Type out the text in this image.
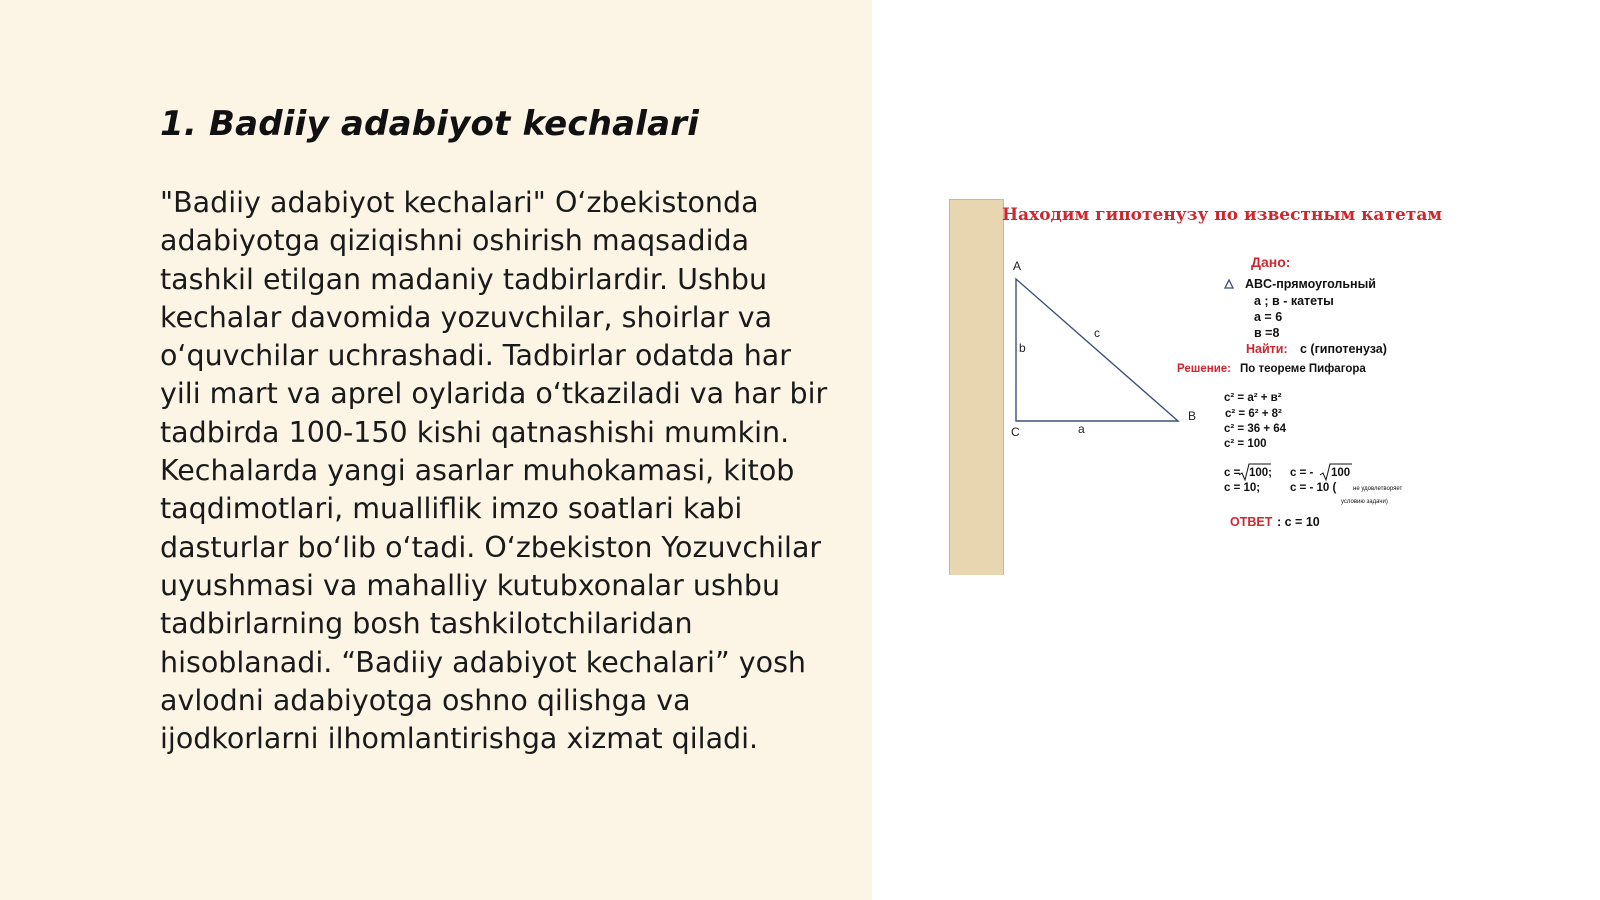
1. Badiiy adabiyot kechalari

"Badiiy adabiyot kechalari" O‘zbekistonda adabiyotga qiziqishni oshirish maqsadida tashkil etilgan madaniy tadbirlardir. Ushbu kechalar davomida yozuvchilar, shoirlar va o‘quvchilar uchrashadi. Tadbirlar odatda har yili mart va aprel oylarida o‘tkaziladi va har bir tadbirda 100-150 kishi qatnashishi mumkin. Kechalarda yangi asarlar muhokamasi, kitob taqdimotlari, mualliflik imzo soatlari kabi dasturlar bo‘lib o‘tadi. O‘zbekiston Yozuvchilar uyushmasi va mahalliy kutubxonalar ushbu tadbirlarning bosh tashkilotchilaridan hisoblanadi. “Badiiy adabiyot kechalari” yosh avlodni adabiyotga oshno qilishga va ijodkorlarni ilhomlantirishga xizmat qiladi.

Находим гипотенузу по известным катетам
A
C
B
b
c
a
Дано:
ABC-прямоугольный
a ; в - катеты
a = 6
в =8
Найти: c (гипотенуза)
Решение: По теореме Пифагора
c² = a² + в²
c² = 6² + 8²
c² = 36 + 64
c² = 100
c = 100; c = - 100
c = 10;	c = - 10 (	не удовлетворяет
условию задачи)
ОТВЕТ : c = 10
